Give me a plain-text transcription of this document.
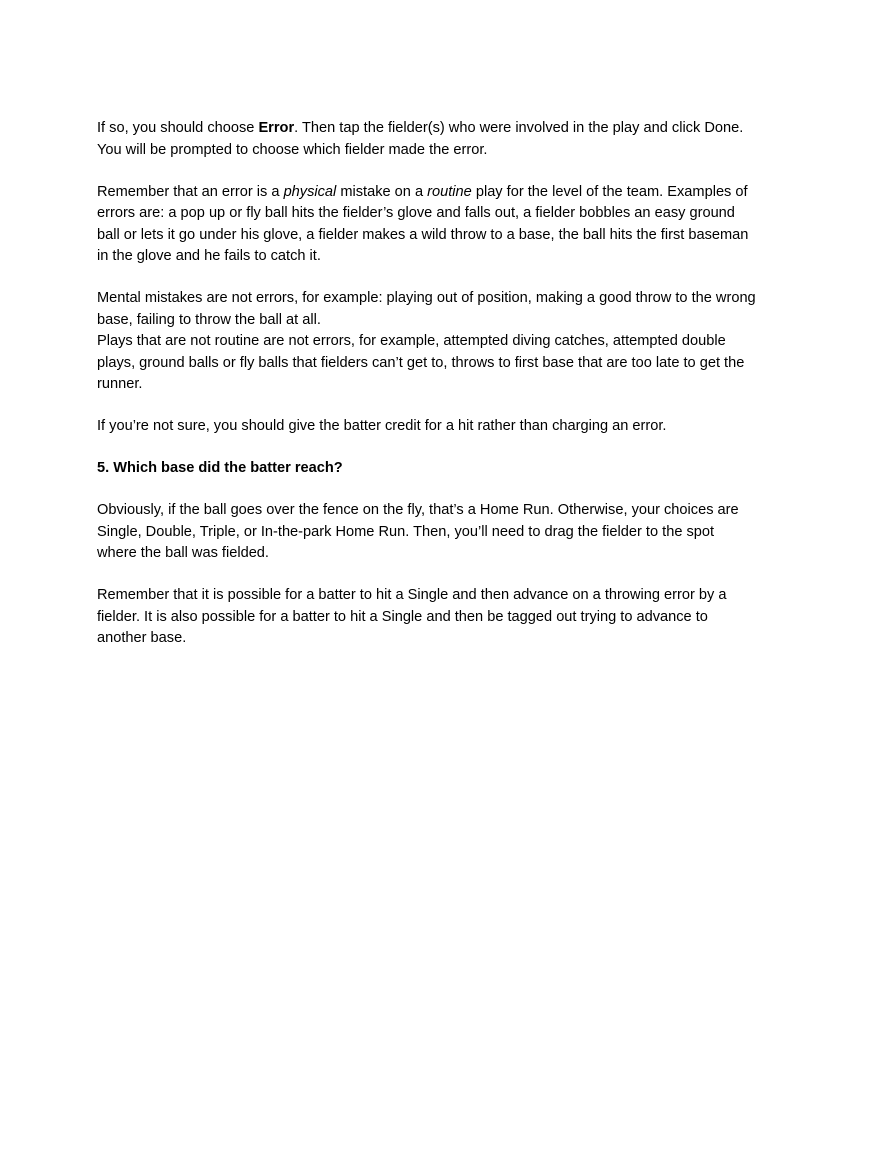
If so, you should choose Error. Then tap the fielder(s) who were involved in the play and click Done. You will be prompted to choose which fielder made the error.

Remember that an error is a physical mistake on a routine play for the level of the team. Examples of errors are: a pop up or fly ball hits the fielder’s glove and falls out, a fielder bobbles an easy ground ball or lets it go under his glove, a fielder makes a wild throw to a base, the ball hits the first baseman in the glove and he fails to catch it.

Mental mistakes are not errors, for example: playing out of position, making a good throw to the wrong base, failing to throw the ball at all.

Plays that are not routine are not errors, for example, attempted diving catches, attempted double plays, ground balls or fly balls that fielders can’t get to, throws to first base that are too late to get the runner.

If you’re not sure, you should give the batter credit for a hit rather than charging an error.

5. Which base did the batter reach?

Obviously, if the ball goes over the fence on the fly, that’s a Home Run. Otherwise, your choices are Single, Double, Triple, or In-the-park Home Run. Then, you’ll need to drag the fielder to the spot where the ball was fielded.

Remember that it is possible for a batter to hit a Single and then advance on a throwing error by a fielder. It is also possible for a batter to hit a Single and then be tagged out trying to advance to another base.
